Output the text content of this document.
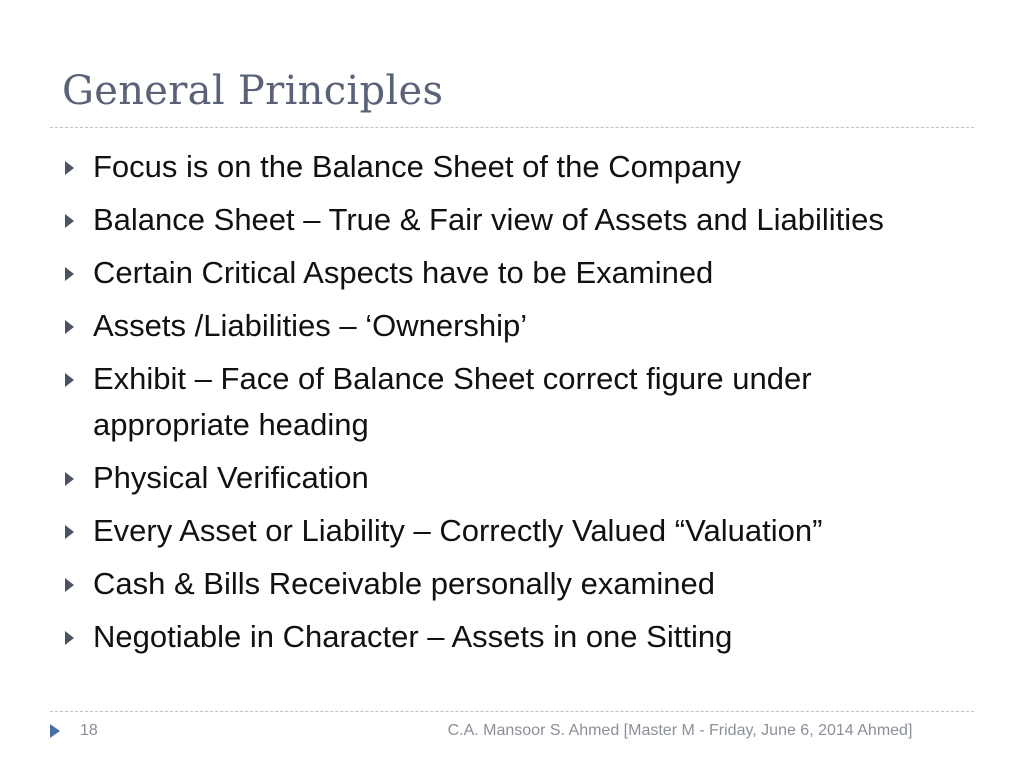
General Principles
Focus is on the Balance Sheet of the Company
Balance Sheet – True & Fair view of Assets and Liabilities
Certain Critical Aspects have to be Examined
Assets /Liabilities – ‘Ownership’
Exhibit – Face of Balance Sheet correct figure under appropriate heading
Physical Verification
Every Asset or Liability – Correctly Valued “Valuation”
Cash & Bills Receivable personally examined
Negotiable in Character – Assets in one Sitting
18	C.A. Mansoor S. Ahmed [Master M - Friday, June 6, 2014 Ahmed]
